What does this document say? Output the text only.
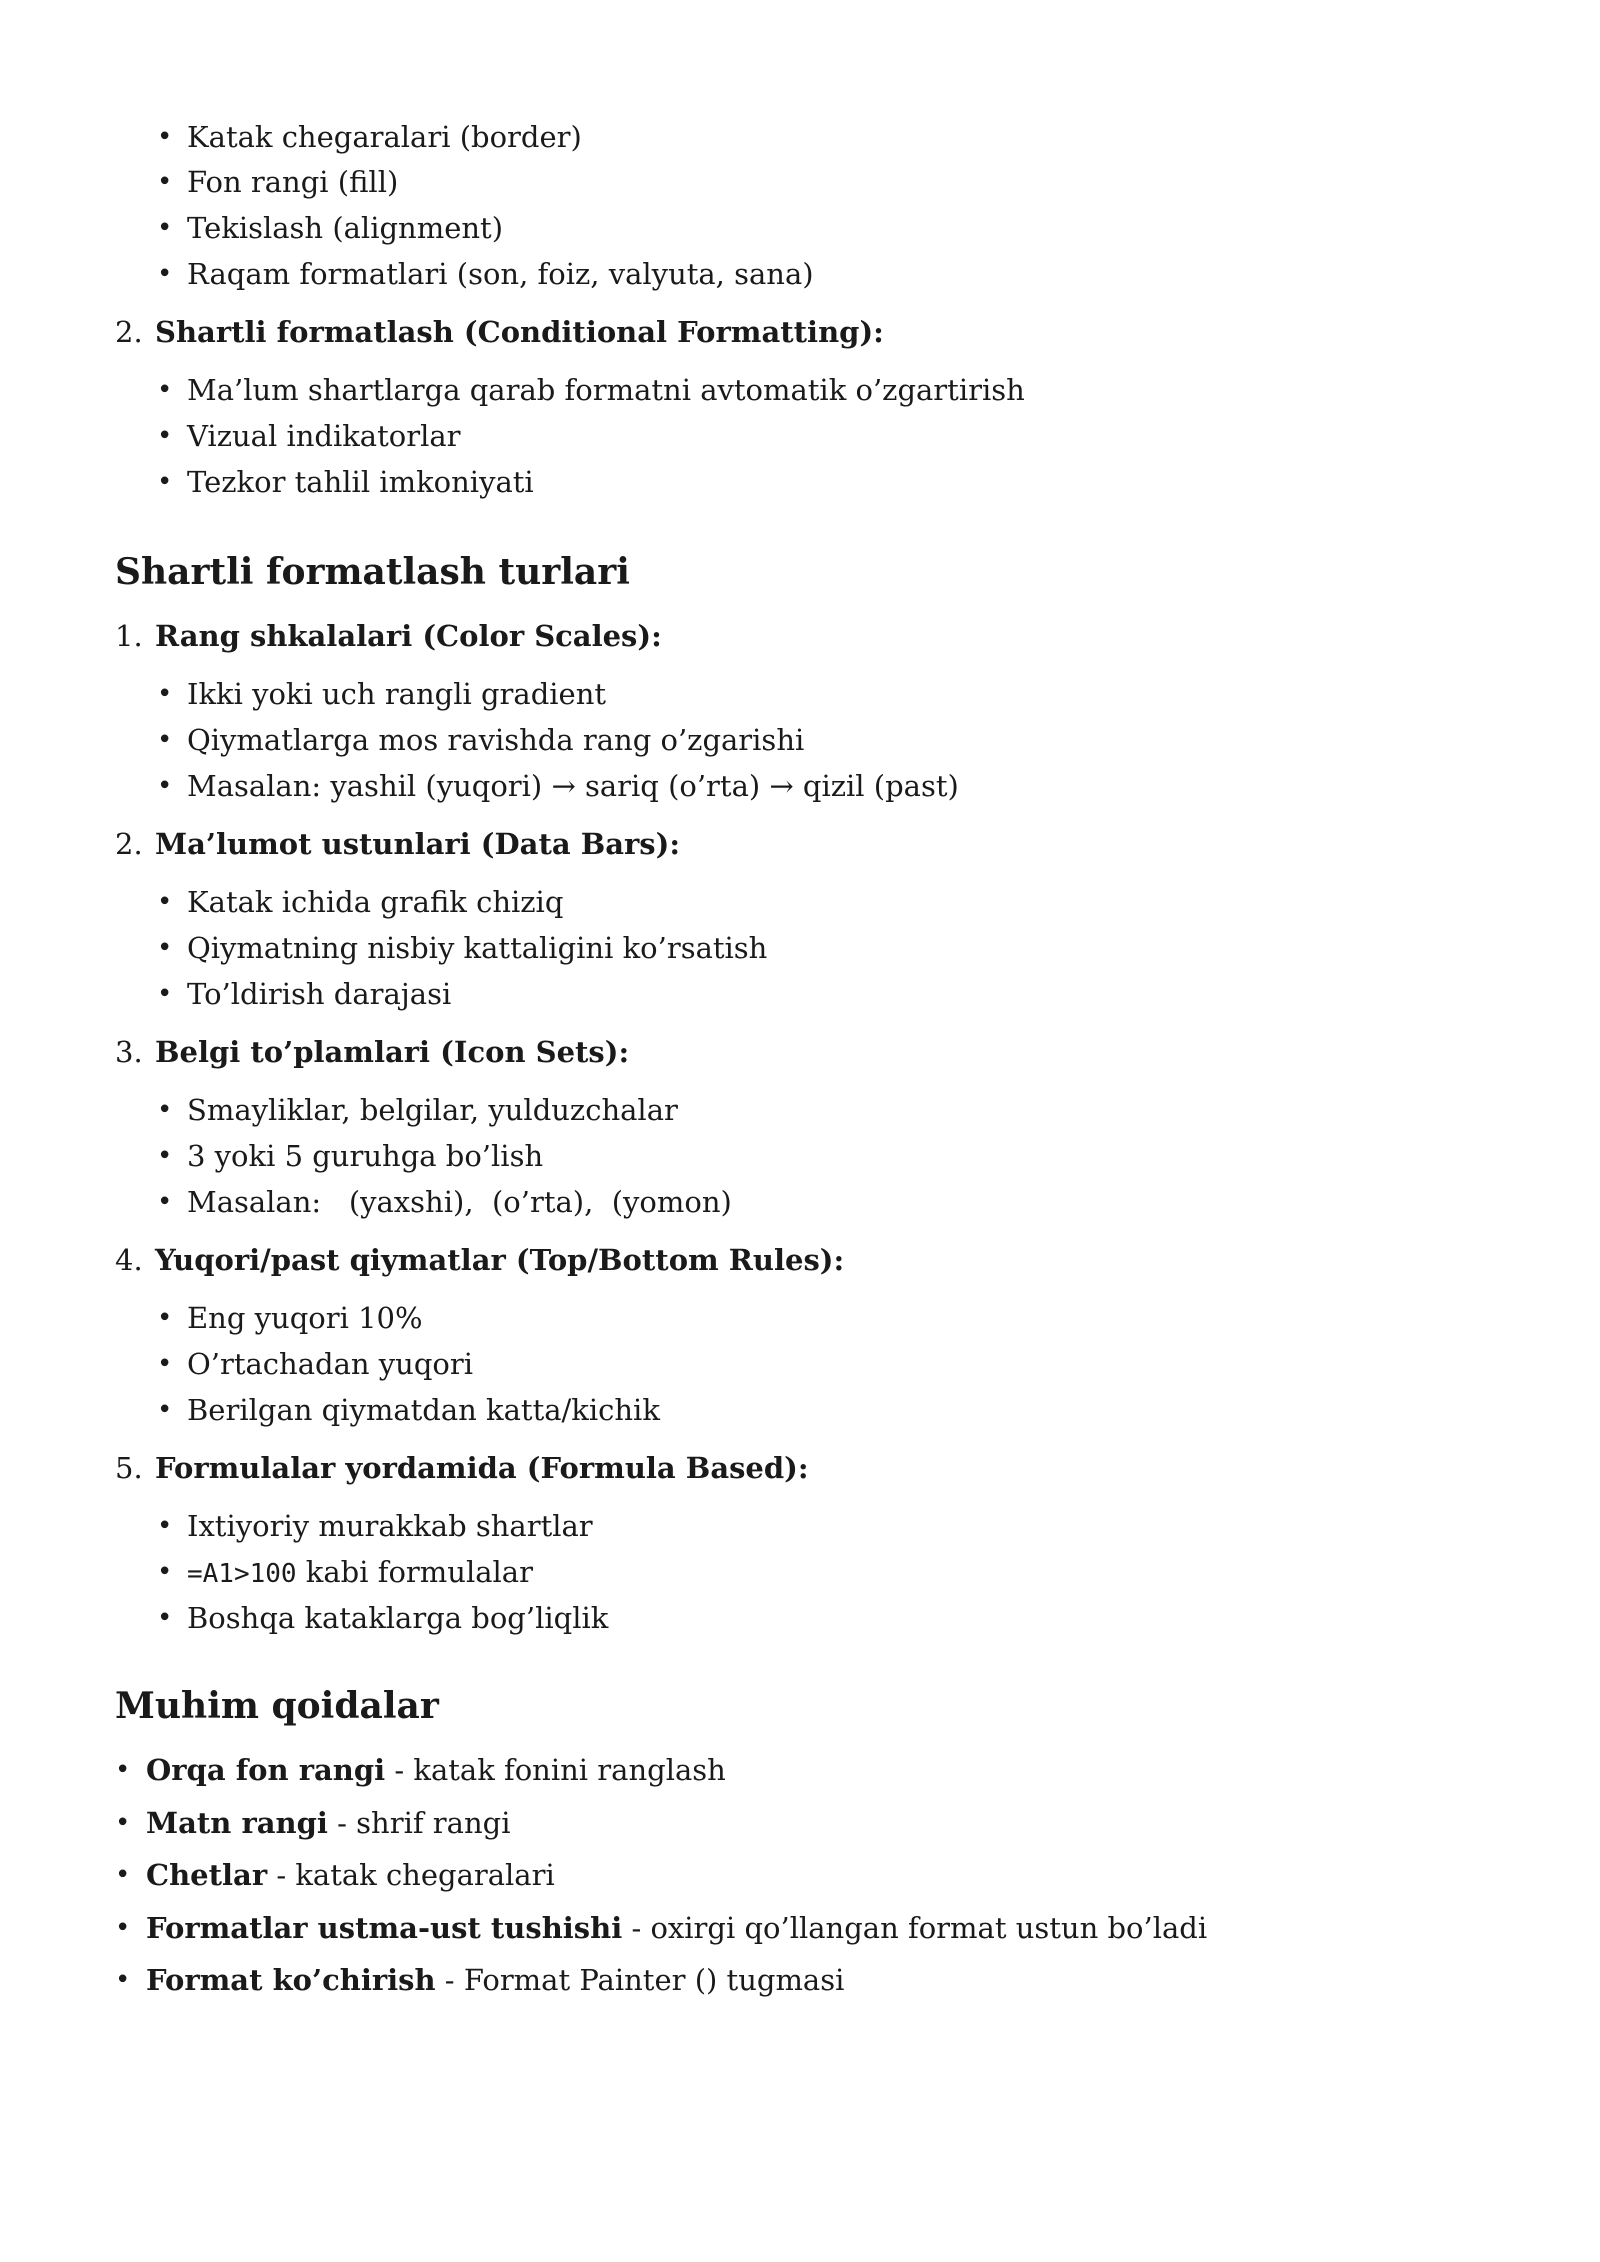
• Katak chegaralari (border)
• Fon rangi (fill)
• Tekislash (alignment)
• Raqam formatlari (son, foiz, valyuta, sana)
2. Shartli formatlash (Conditional Formatting):
• Ma’lum shartlarga qarab formatni avtomatik o’zgartirish
• Vizual indikatorlar
• Tezkor tahlil imkoniyati
Shartli formatlash turlari
1. Rang shkalalari (Color Scales):
• Ikki yoki uch rangli gradient
• Qiymatlarga mos ravishda rang o’zgarishi
• Masalan: yashil (yuqori) → sariq (o’rta) → qizil (past)
2. Ma’lumot ustunlari (Data Bars):
• Katak ichida grafik chiziq
• Qiymatning nisbiy kattaligini ko’rsatish
• To’ldirish darajasi
3. Belgi to’plamlari (Icon Sets):
• Smayliklar, belgilar, yulduzchalar
• 3 yoki 5 guruhga bo’lish
• Masalan:   (yaxshi),  (o’rta),  (yomon)
4. Yuqori/past qiymatlar (Top/Bottom Rules):
• Eng yuqori 10%
• O’rtachadan yuqori
• Berilgan qiymatdan katta/kichik
5. Formulalar yordamida (Formula Based):
• Ixtiyoriy murakkab shartlar
• =A1>100 kabi formulalar
• Boshqa kataklarga bog’liqlik
Muhim qoidalar
• Orqa fon rangi - katak fonini ranglash
• Matn rangi - shrif rangi
• Chetlar - katak chegaralari
• Formatlar ustma-ust tushishi - oxirgi qo’llangan format ustun bo’ladi
• Format ko’chirish - Format Painter () tugmasi
